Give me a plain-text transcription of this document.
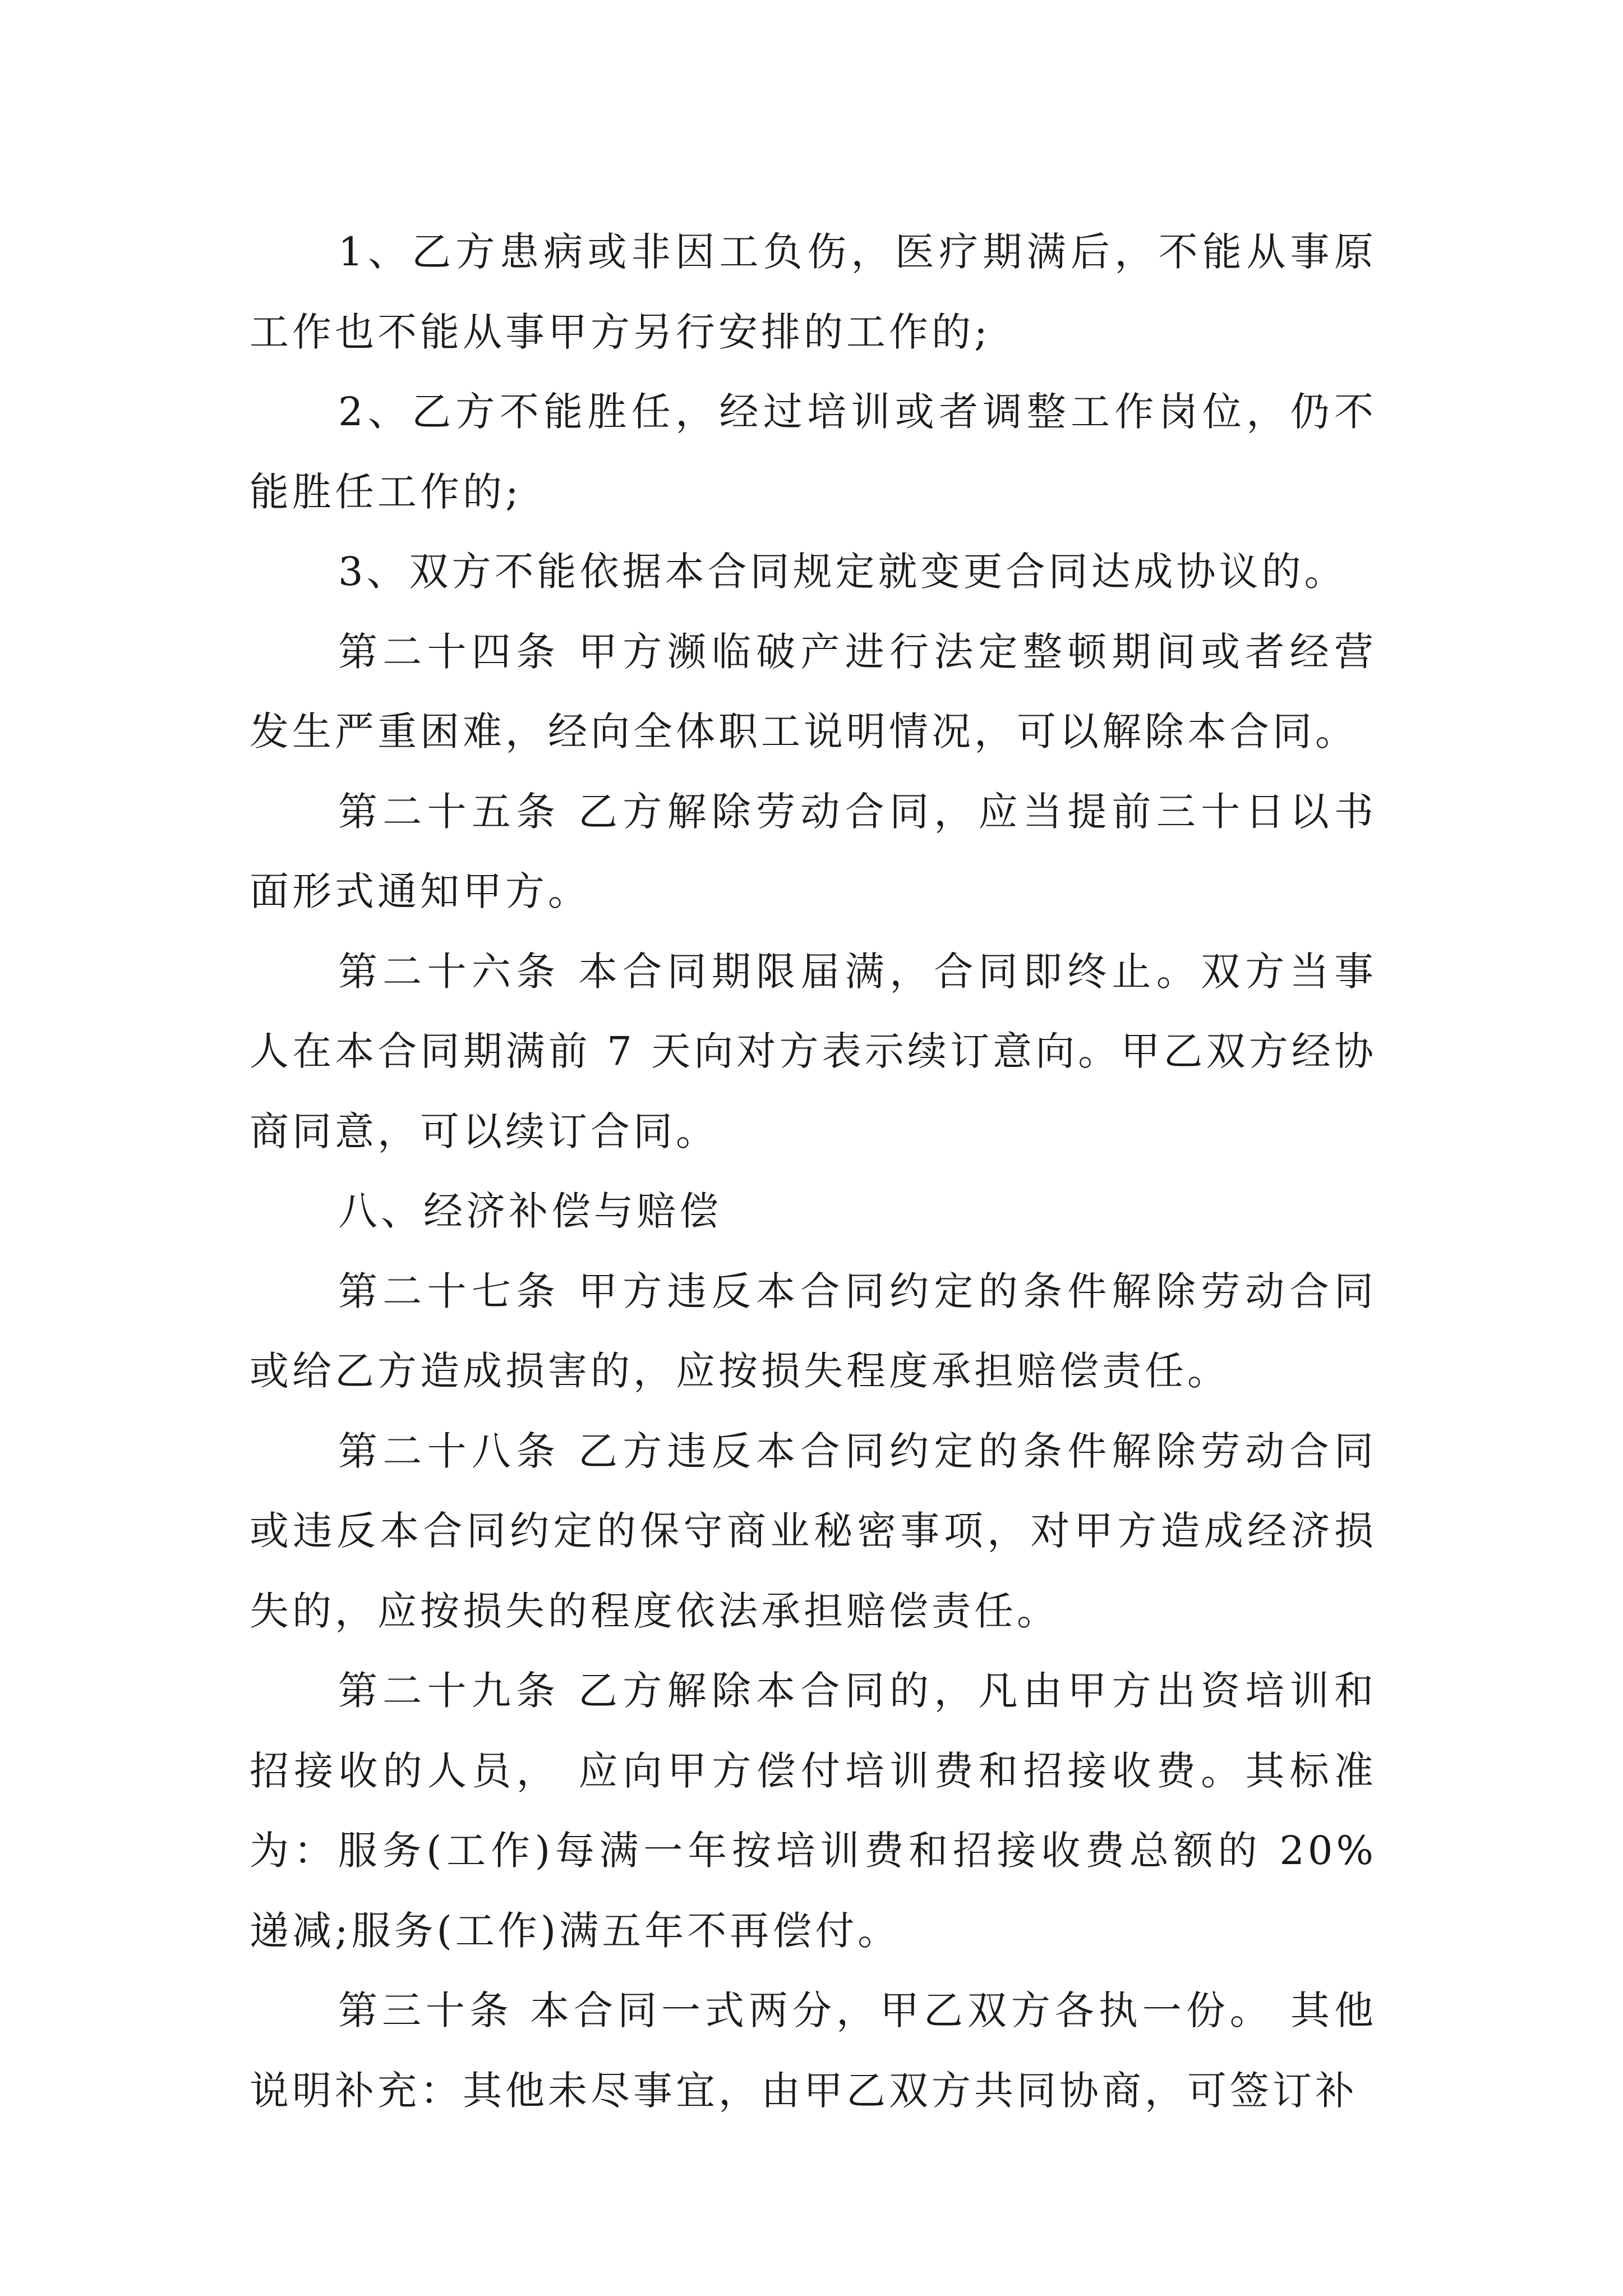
1、乙方患病或非因工负伤，医疗期满后，不能从事原工作也不能从事甲方另行安排的工作的;

2、乙方不能胜任，经过培训或者调整工作岗位，仍不能胜任工作的;

3、双方不能依据本合同规定就变更合同达成协议的。

第二十四条 甲方濒临破产进行法定整顿期间或者经营发生严重困难，经向全体职工说明情况，可以解除本合同。

第二十五条 乙方解除劳动合同，应当提前三十日以书面形式通知甲方。

第二十六条 本合同期限届满，合同即终止。双方当事人在本合同期满前 7 天向对方表示续订意向。甲乙双方经协商同意，可以续订合同。

八、经济补偿与赔偿

第二十七条 甲方违反本合同约定的条件解除劳动合同或给乙方造成损害的，应按损失程度承担赔偿责任。

第二十八条 乙方违反本合同约定的条件解除劳动合同或违反本合同约定的保守商业秘密事项，对甲方造成经济损失的，应按损失的程度依法承担赔偿责任。

第二十九条 乙方解除本合同的，凡由甲方出资培训和招接收的人员， 应向甲方偿付培训费和招接收费。其标准为：服务(工作)每满一年按培训费和招接收费总额的 20%递减;服务(工作)满五年不再偿付。

第三十条 本合同一式两分，甲乙双方各执一份。 其他说明补充：其他未尽事宜，由甲乙双方共同协商，可签订补
